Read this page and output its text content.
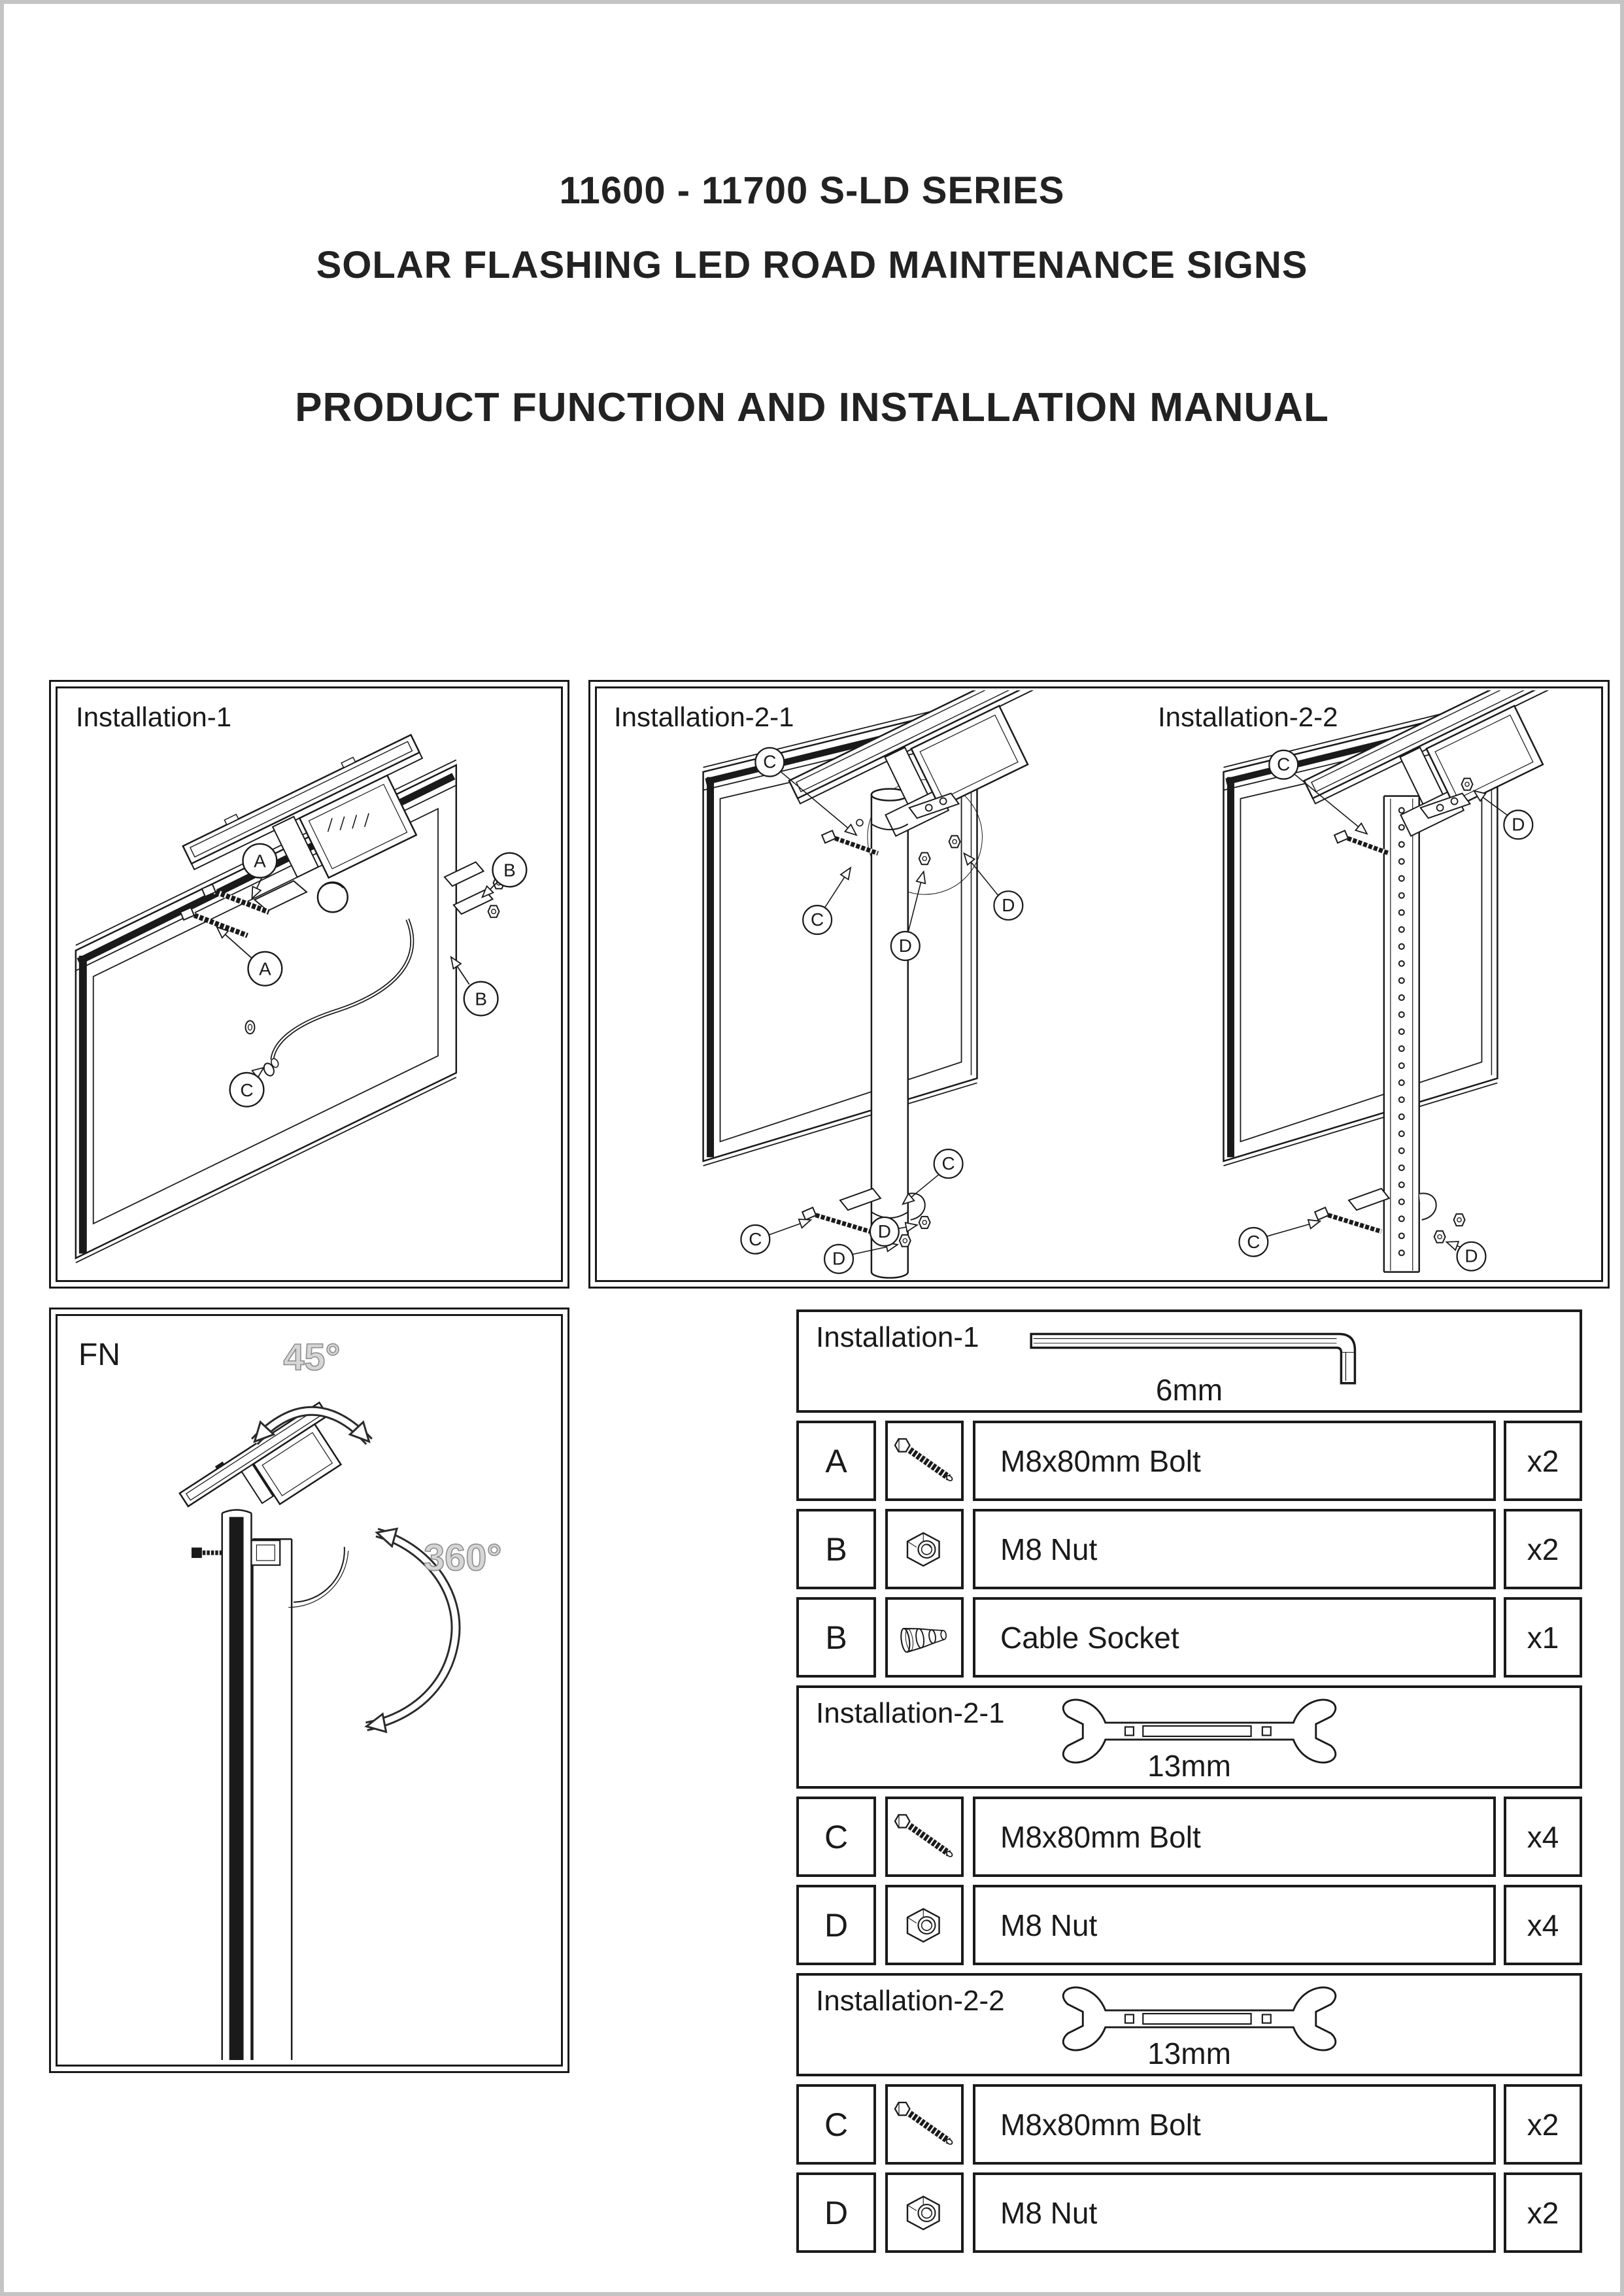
11600 - 11700 S-LD SERIES
SOLAR FLASHING LED ROAD MAINTENANCE SIGNS
PRODUCT FUNCTION AND INSTALLATION MANUAL
Installation-1
A
A
B
B
C
Installation-2-1	Installation-2-2
C
C
D
D
C
C
D
D
C
D
C
D
FN	45°
360°
Installation-1
6mm
A	M8x80mm Bolt	x2
B	M8 Nut	x2
B	Cable Socket	x1
Installation-2-1
13mm
C	M8x80mm Bolt	x4
D	M8 Nut	x4
Installation-2-2
13mm
C	M8x80mm Bolt	x2
D	M8 Nut	x2
